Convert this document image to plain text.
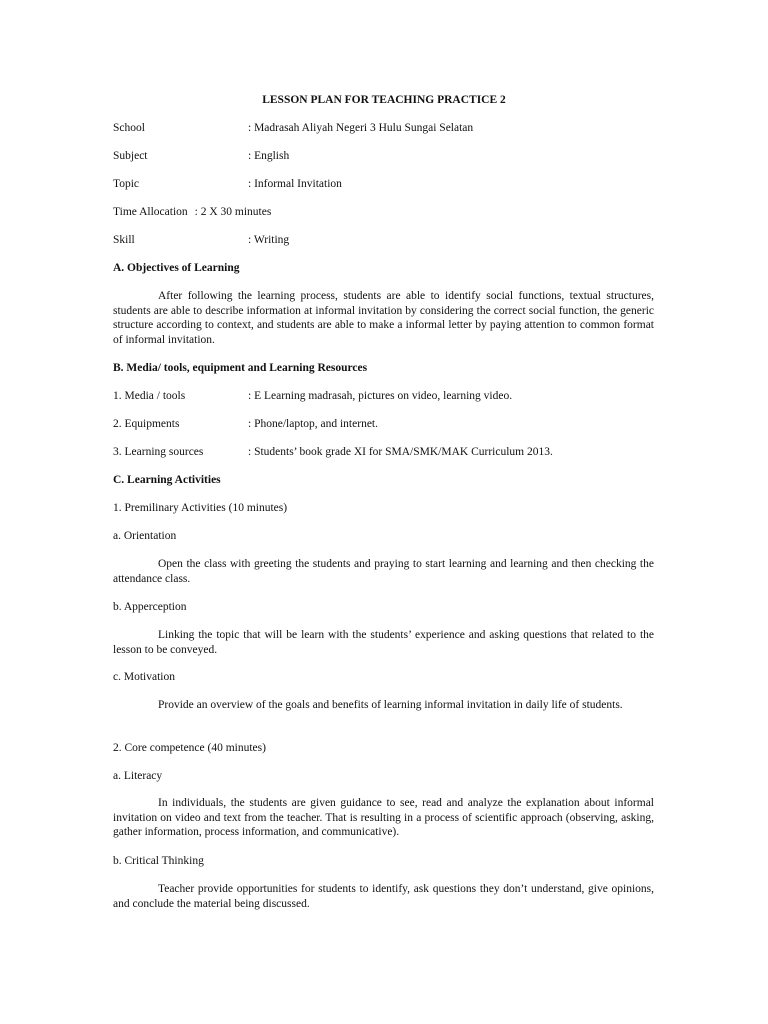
LESSON PLAN FOR TEACHING PRACTICE 2
School	: Madrasah Aliyah Negeri 3 Hulu Sungai Selatan
Subject	: English
Topic	: Informal Invitation
Time Allocation : 2 X 30 minutes
Skill	: Writing
A. Objectives of Learning
After following the learning process, students are able to identify social functions, textual structures, students are able to describe information at informal invitation by considering the correct social function, the generic structure according to context, and students are able to make a informal letter by paying attention to common format of informal invitation.
B. Media/ tools, equipment and Learning Resources
1. Media / tools	: E Learning madrasah, pictures on video, learning video.
2. Equipments	: Phone/laptop, and internet.
3. Learning sources	: Students’ book grade XI for SMA/SMK/MAK Curriculum 2013.
C. Learning Activities
1. Premilinary Activities (10 minutes)
a. Orientation
Open the class with greeting the students and praying to start learning and learning and then checking the attendance class.
b. Apperception
Linking the topic that will be learn with the students’ experience and asking questions that related to the lesson to be conveyed.
c. Motivation
Provide an overview of the goals and benefits of learning informal invitation in daily life of students.
2. Core competence (40 minutes)
a. Literacy
In individuals, the students are given guidance to see, read and analyze the explanation about informal invitation on video and text from the teacher. That is resulting in a process of scientific approach (observing, asking, gather information, process information, and communicative).
b. Critical Thinking
Teacher provide opportunities for students to identify, ask questions they don’t understand, give opinions, and conclude the material being discussed.
